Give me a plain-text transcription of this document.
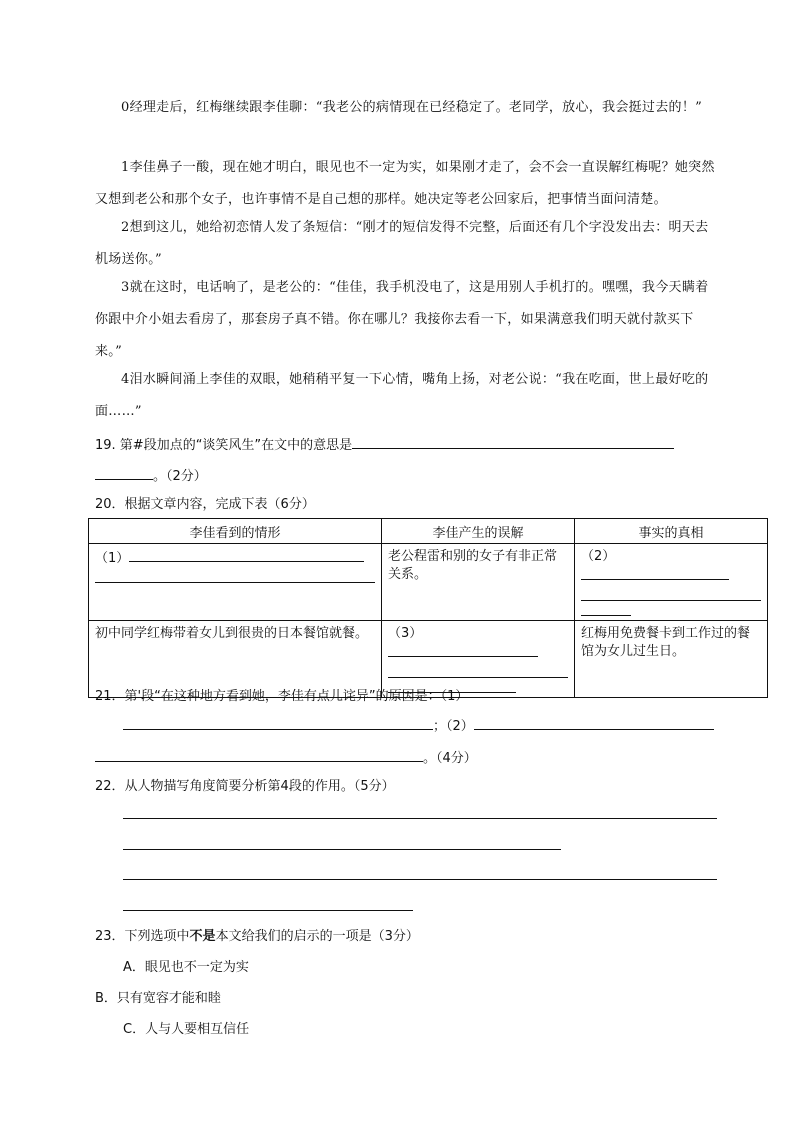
0经理走后，红梅继续跟李佳聊：“我老公的病情现在已经稳定了。老同学，放心，我会挺过去的！”
1李佳鼻子一酸，现在她才明白，眼见也不一定为实，如果刚才走了，会不会一直误解红梅呢？她突然又想到老公和那个女子，也许事情不是自己想的那样。她决定等老公回家后，把事情当面问清楚。
2想到这儿，她给初恋情人发了条短信：“刚才的短信发得不完整，后面还有几个字没发出去：明天去机场送你。”
3就在这时，电话响了，是老公的：“佳佳，我手机没电了，这是用别人手机打的。嘿嘿，我今天瞒着你跟中介小姐去看房了，那套房子真不错。你在哪儿？我接你去看一下，如果满意我们明天就付款买下来。”
4泪水瞬间涌上李佳的双眼，她稍稍平复一下心情，嘴角上扬，对老公说：“我在吃面，世上最好吃的面……”
19. 第#段加点的“谈笑风生”在文中的意思是
。（2分）
20．根据文章内容，完成下表（6分）
李佳看到的情形	李佳产生的误解	事实的真相
（1）	老公程雷和别的女子有非正常关系。	（2）

初中同学红梅带着女儿到很贵的日本餐馆就餐。	（3）	红梅用免费餐卡到工作过的餐馆为女儿过生日。
21．第'段“在这种地方看到她，李佳有点儿诧异”的原因是：（1）
；（2）
。（4分）
22．从人物描写角度简要分析第4段的作用。（5分）
23．下列选项中不是本文给我们的启示的一项是（3分）
A．眼见也不一定为实
B．只有宽容才能和睦
C．人与人要相互信任
